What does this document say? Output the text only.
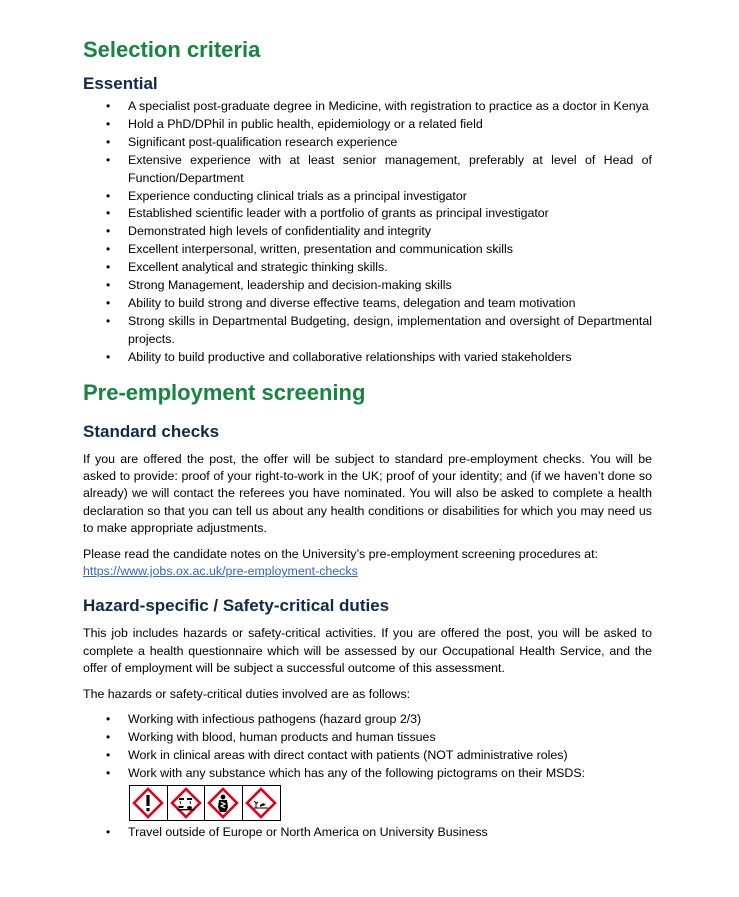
Selection criteria
Essential
• A specialist post-graduate degree in Medicine, with registration to practice as a doctor in Kenya
• Hold a PhD/DPhil in public health, epidemiology or a related field
• Significant post-qualification research experience
• Extensive experience with at least senior management, preferably at level of Head of Function/Department
• Experience conducting clinical trials as a principal investigator
• Established scientific leader with a portfolio of grants as principal investigator
• Demonstrated high levels of confidentiality and integrity
• Excellent interpersonal, written, presentation and communication skills
• Excellent analytical and strategic thinking skills.
• Strong Management, leadership and decision-making skills
• Ability to build strong and diverse effective teams, delegation and team motivation
• Strong skills in Departmental Budgeting, design, implementation and oversight of Departmental projects.
• Ability to build productive and collaborative relationships with varied stakeholders
Pre-employment screening
Standard checks

If you are offered the post, the offer will be subject to standard pre-employment checks. You will be asked to provide: proof of your right-to-work in the UK; proof of your identity; and (if we haven’t done so already) we will contact the referees you have nominated. You will also be asked to complete a health declaration so that you can tell us about any health conditions or disabilities for which you may need us to make appropriate adjustments.

Please read the candidate notes on the University’s pre-employment screening procedures at:
https://www.jobs.ox.ac.uk/pre-employment-checks

Hazard-specific / Safety-critical duties

This job includes hazards or safety-critical activities. If you are offered the post, you will be asked to complete a health questionnaire which will be assessed by our Occupational Health Service, and the offer of employment will be subject a successful outcome of this assessment.

The hazards or safety-critical duties involved are as follows:

• Working with infectious pathogens (hazard group 2/3)
• Working with blood, human products and human tissues
• Work in clinical areas with direct contact with patients (NOT administrative roles)
• Work with any substance which has any of the following pictograms on their MSDS:
• Travel outside of Europe or North America on University Business
